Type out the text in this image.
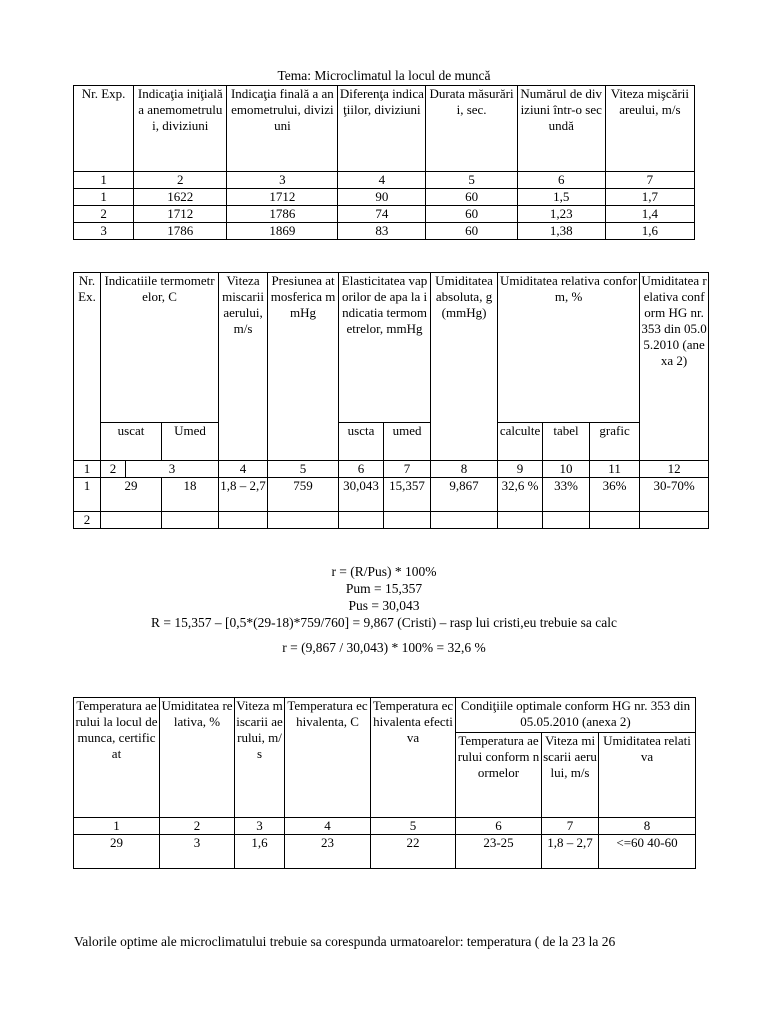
Tema: Microclimatul la locul de muncă
Nr. Exp.	Indicaţia iniţială a anemometrului, diviziuni	Indicaţia finală a anemometrului, diviziuni	Diferenţa indicaţiilor, diviziuni	Durata măsurării, sec.	Numărul de diviziuni într-o secundă	Viteza mişcării areului, m/s
1	2	3	4	5	6	7
1	1622	1712	90	60	1,5	1,7
2	1712	1786	74	60	1,23	1,4
3	1786	1869	83	60	1,38	1,6
Nr. Ex.	Indicatiile termometrelor, C			Viteza miscarii aerului, m/s	Presiunea atmosferica mmHg	Elasticitatea vaporilor de apa la indicatia termometrelor, mmHg		Umiditatea absoluta, g(mmHg)	Umiditatea relativa conform, %			Umiditatea relativa conform HG nr.353 din 05.05.2010 (anexa 2)
	uscat		Umed			uscta	umed		calculte	tabel	grafic	
1	2	3		4	5	6	7	8	9	10	11	12
1	29		18	1,8 – 2,7	759	30,043	15,357	9,867	32,6 %	33%	36%	30-70%
2												
r = (R/Pus) * 100%
Pum = 15,357
Pus = 30,043
R = 15,357 – [0,5*(29-18)*759/760] = 9,867 (Cristi) – rasp lui cristi,eu trebuie sa calc
r = (9,867 / 30,043) * 100% = 32,6 %
Temperatura aerului la locul de munca, certificat	Umiditatea relativa, %	Viteza miscarii aerului, m/s	Temperatura echivalenta, C	Temperatura echivalenta efectiva	Condiţiile optimale conform HG nr. 353 din 05.05.2010 (anexa 2)		
					Temperatura aerului conform normelor	Viteza miscarii aerului, m/s	Umiditatea relativa
1	2	3	4	5	6	7	8
29	3	1,6	23	22	23-25	1,8 – 2,7	<=60 40-60
Valorile optime ale microclimatului trebuie sa corespunda urmatoarelor: temperatura ( de la 23 la 26
